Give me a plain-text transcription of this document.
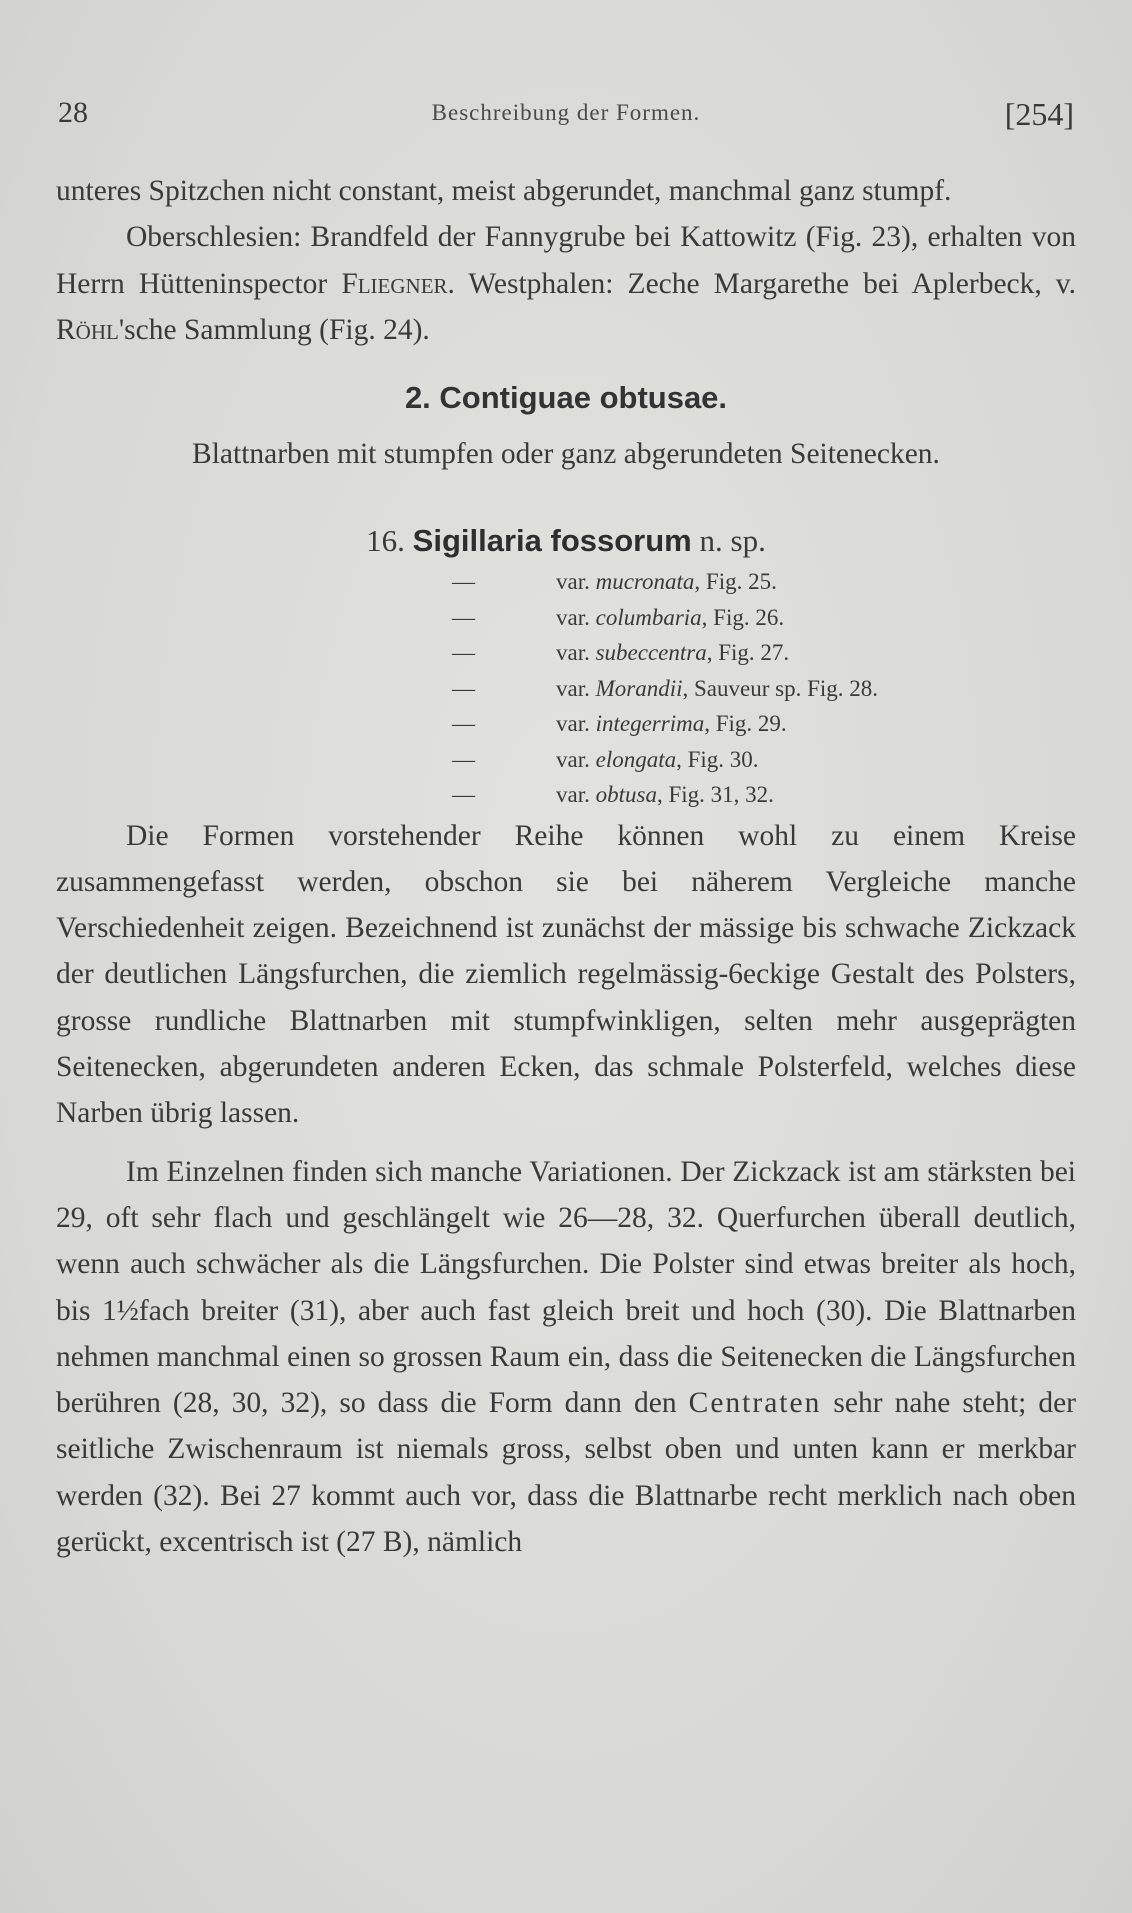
28	Beschreibung der Formen.	[254]

unteres Spitzchen nicht constant, meist abgerundet, manchmal ganz stumpf.

Oberschlesien: Brandfeld der Fannygrube bei Kattowitz (Fig. 23), erhalten von Herrn Hütteninspector Fliegner. Westphalen: Zeche Margarethe bei Aplerbeck, v. Röhl'sche Sammlung (Fig. 24).

2. Contiguae obtusae.

Blattnarben mit stumpfen oder ganz abgerundeten Seitenecken.

16. Sigillaria fossorum n. sp.
—	var. mucronata, Fig. 25.
—	var. columbaria, Fig. 26.
—	var. subeccentra, Fig. 27.
—	var. Morandii, Sauveur sp. Fig. 28.
—	var. integerrima, Fig. 29.
—	var. elongata, Fig. 30.
—	var. obtusa, Fig. 31, 32.

Die Formen vorstehender Reihe können wohl zu einem Kreise zusammengefasst werden, obschon sie bei näherem Vergleiche manche Verschiedenheit zeigen. Bezeichnend ist zunächst der mässige bis schwache Zickzack der deutlichen Längsfurchen, die ziemlich regelmässig-6eckige Gestalt des Polsters, grosse rundliche Blattnarben mit stumpfwinkligen, selten mehr ausgeprägten Seitenecken, abgerundeten anderen Ecken, das schmale Polsterfeld, welches diese Narben übrig lassen.

Im Einzelnen finden sich manche Variationen. Der Zickzack ist am stärksten bei 29, oft sehr flach und geschlängelt wie 26—28, 32. Querfurchen überall deutlich, wenn auch schwächer als die Längsfurchen. Die Polster sind etwas breiter als hoch, bis 1½fach breiter (31), aber auch fast gleich breit und hoch (30). Die Blattnarben nehmen manchmal einen so grossen Raum ein, dass die Seitenecken die Längsfurchen berühren (28, 30, 32), so dass die Form dann den Centraten sehr nahe steht; der seitliche Zwischenraum ist niemals gross, selbst oben und unten kann er merkbar werden (32). Bei 27 kommt auch vor, dass die Blattnarbe recht merklich nach oben gerückt, excentrisch ist (27 B), nämlich
